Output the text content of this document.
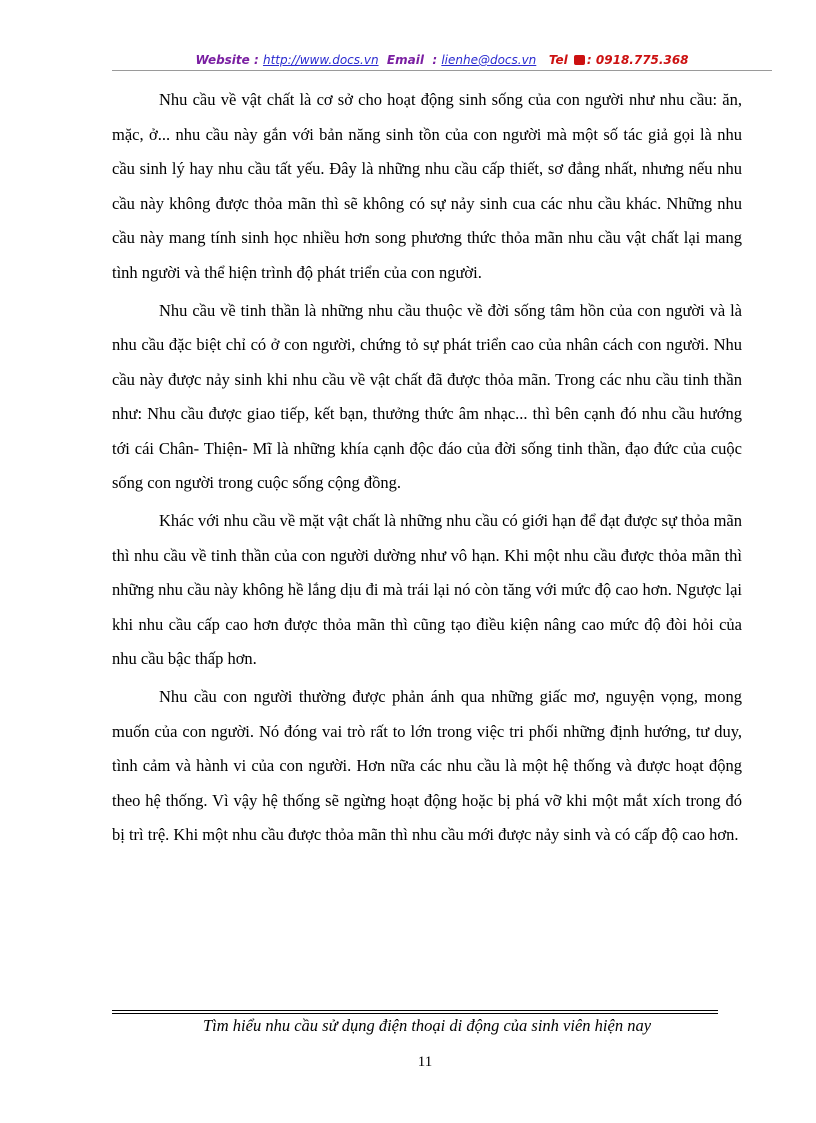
Website : http://www.docs.vn Email : lienhe@docs.vn Tel : 0918.775.368

Nhu cầu về vật chất là cơ sở cho hoạt động sinh sống của con người như nhu cầu: ăn, mặc, ở... nhu cầu này gắn với bản năng sinh tồn của con người mà một số tác giả gọi là nhu cầu sinh lý hay nhu cầu tất yếu. Đây là những nhu cầu cấp thiết, sơ đẳng nhất, nhưng nếu nhu cầu này không được thỏa mãn thì sẽ không có sự nảy sinh cua các nhu cầu khác. Những nhu cầu này mang tính sinh học nhiều hơn song phương thức thỏa mãn nhu cầu vật chất lại mang tình người và thể hiện trình độ phát triển của con người.

Nhu cầu về tinh thần là những nhu cầu thuộc về đời sống tâm hồn của con người và là nhu cầu đặc biệt chỉ có ở con người, chứng tỏ sự phát triển cao của nhân cách con người. Nhu cầu này được nảy sinh khi nhu cầu về vật chất đã được thỏa mãn. Trong các nhu cầu tinh thần như: Nhu cầu được giao tiếp, kết bạn, thưởng thức âm nhạc... thì bên cạnh đó nhu cầu hướng tới cái Chân- Thiện- Mĩ là những khía cạnh độc đáo của đời sống tinh thần, đạo đức của cuộc sống con người trong cuộc sống cộng đồng.

Khác với nhu cầu về mặt vật chất là những nhu cầu có giới hạn để đạt được sự thỏa mãn thì nhu cầu về tinh thần của con người dường như vô hạn. Khi một nhu cầu được thỏa mãn thì những nhu cầu này không hề lắng dịu đi mà trái lại nó còn tăng với mức độ cao hơn. Ngược lại khi nhu cầu cấp cao hơn được thỏa mãn thì cũng tạo điều kiện nâng cao mức độ đòi hỏi của nhu cầu bậc thấp hơn.

Nhu cầu con người thường được phản ánh qua những giấc mơ, nguyện vọng, mong muốn của con người. Nó đóng vai trò rất to lớn trong việc tri phối những định hướng, tư duy, tình cảm và hành vi của con người. Hơn nữa các nhu cầu là một hệ thống và được hoạt động theo hệ thống. Vì vậy hệ thống sẽ ngừng hoạt động hoặc bị phá vỡ khi một mắt xích trong đó bị trì trệ. Khi một nhu cầu được thỏa mãn thì nhu cầu mới được nảy sinh và có cấp độ cao hơn.

Tìm hiểu nhu cầu sử dụng điện thoại di động của sinh viên hiện nay
11
